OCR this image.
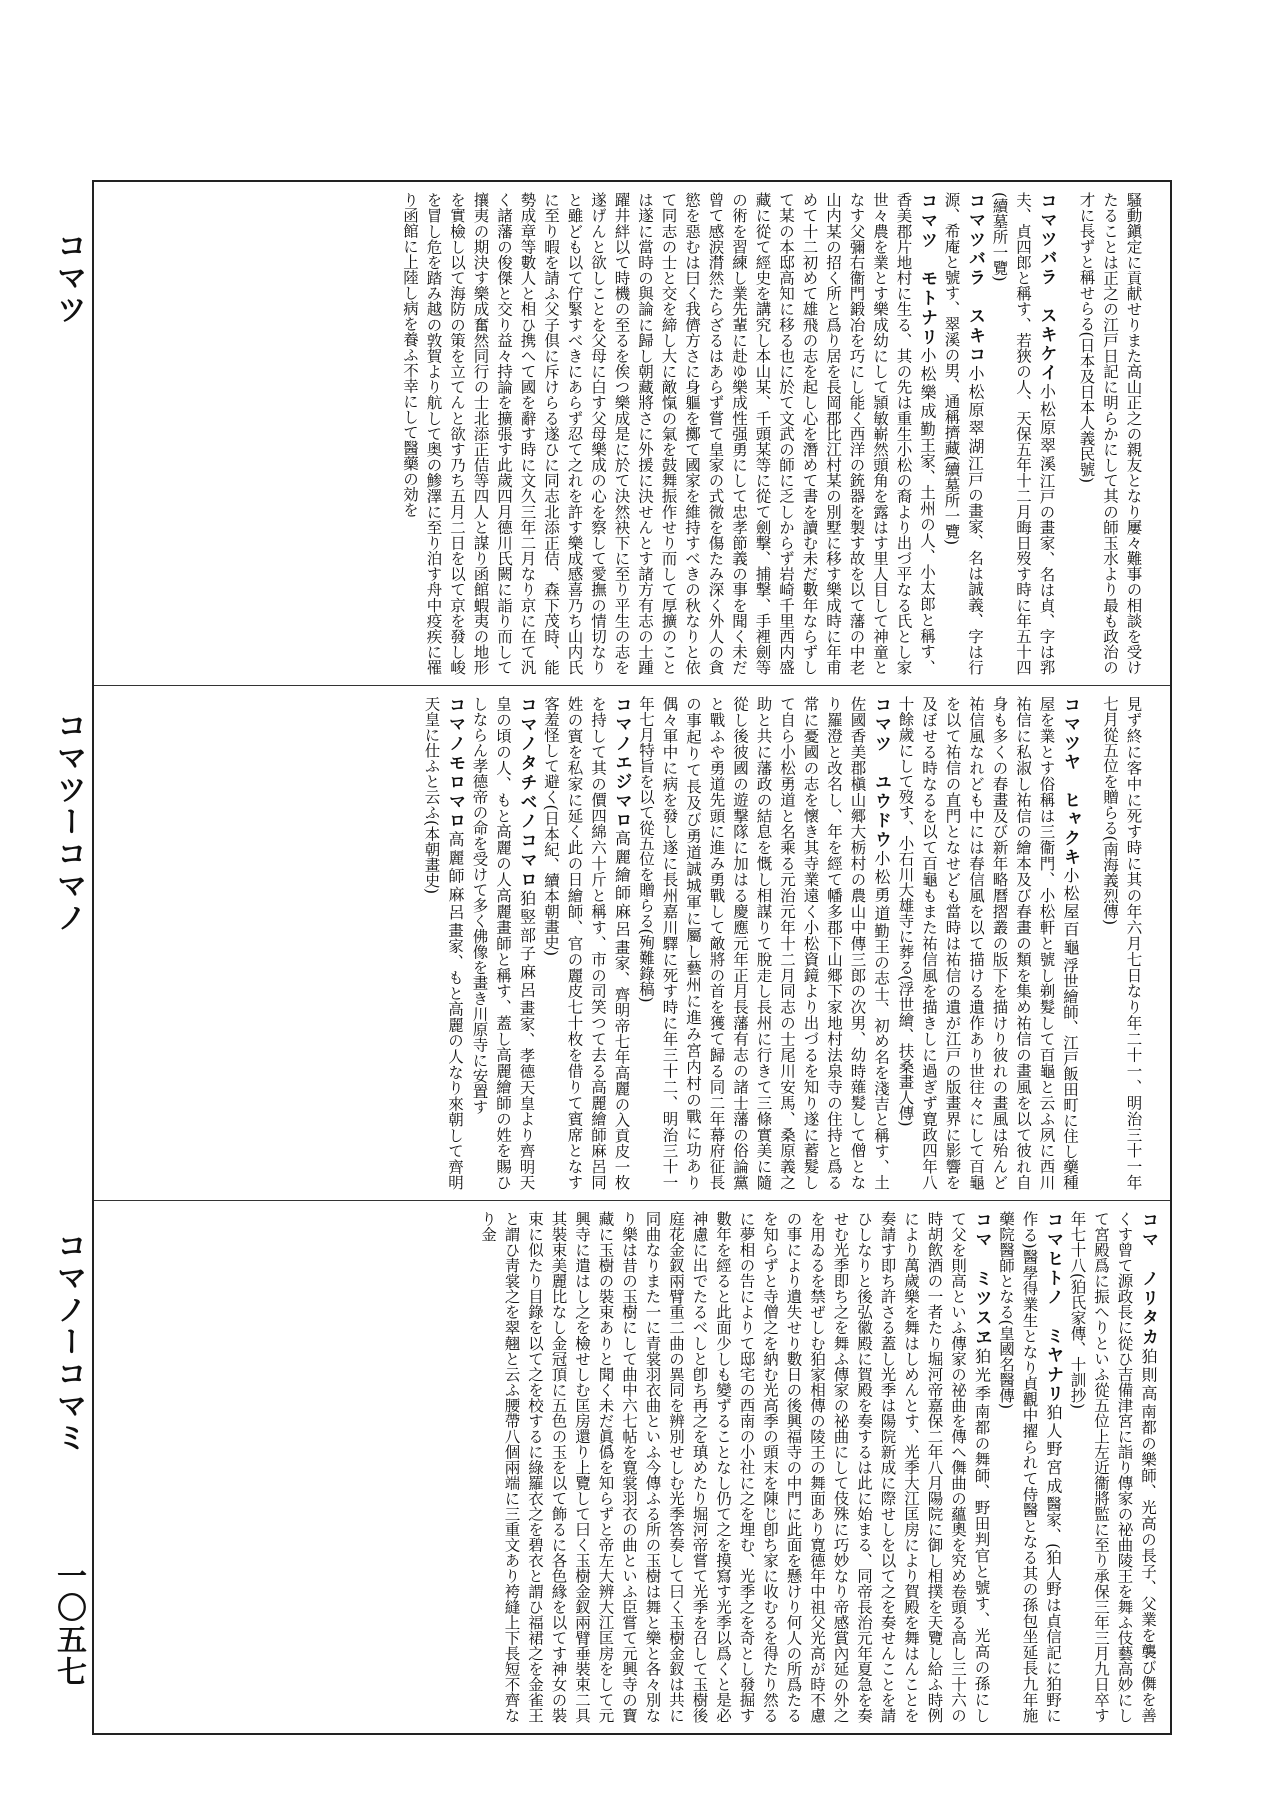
コマツ
コマツーコマノ
コマノーコマミ
一〇五七

騷動鎭定に貢献せりまた高山正之の親友となり屢々難事の相談を受けたることは正之の江戸日記に明らかにして其の師玉水より最も政治の才に長ずと稱せらる(日本及日本人義民號)

コマツバラ　スキケイ小松原翠溪江戸の畫家、名は貞、字は郛夫、貞四郎と稱す、若狹の人、天保五年十二月晦日歿す時に年五十四(續墓所一覽)
コマツバラ　スキコ小松原翠湖江戸の畫家、名は誠義、字は行源、希庵と號す、翠溪の男、通稱擠藏(續墓所一覽)
コマツ　モトナリ小松樂成勤王家、土州の人、小太郎と稱す、香美郡片地村に生る、其の先は重生小松の裔より出づ平なる氏とし家世々農を業とす樂成幼にして頴敏嶄然頭角を露はす里人目して神童となす父彌右衞門鍛冶を巧にし能く西洋の銃器を製す故を以て藩の中老山内某の招く所と爲り居を長岡郡比江村某の別墅に移す樂成時に年甫めて十二初めて雄飛の志を起し心を潛めて書を讀む未だ數年ならずして某の本邸高知に移る也に於て文武の師に乏しからず岩崎千里西内盛藏に從て經史を講究し本山某、千頭某等に從て劍撃、捕撃、手裡劍等の術を習練し業先輩に赴ゆ樂成性强勇にして忠孝節義の事を聞く未だ曾て感涙潸然たらざるはあらず嘗て皇家の式微を傷たみ深く外人の貪慾を惡むは曰く我儕方さに身軀を擲て國家を維持すべきの秋なりと依て同志の士と交を締し大に敵愾の氣を鼓舞振作せり而して厚擴のことは遂に當時の與論に歸し朝藏將さに外援に決せんとす諸方有志の士踵躍井絆以て時機の至るを俟つ樂成是に於て決然袂下に至り平生の志を遂げんと欲しことを父母に白す父母樂成の心を察して愛撫の情切なりと雖ども以て佇緊すべきにあらず忍て之れを許す樂成感喜乃ち山内氏に至り暇を請ふ父子倶に斥けらる遂ひに同志北添正佶、森下茂時、能勢成章等數人と相ひ携へて國を辭す時に文久三年二月なり京に在て汎く諸藩の俊傑と交り益々持論を擴張す此歲四月德川氏闕に詣り而して攘夷の期決す樂成奮然同行の士北添正佶等四人と謀り函館蝦夷の地形を實檢し以て海防の策を立てんと欲す乃ち五月二日を以て京を發し峻を冒し危を踏み越の敦賀より航して奥の鯵澤に至り泊す舟中疫疾に罹り函館に上陸し病を養ふ不幸にして醫藥の効を

見ず終に客中に死す時に其の年六月七日なり年二十一、明治三十一年七月從五位を贈らる(南海義烈傳)

コマツヤ　ヒャクキ小松屋百龜浮世繪師、江戸飯田町に住し藥種屋を業とす俗稱は三衞門、小松軒と號し剃髮して百龜と云ふ夙に西川祐信に私淑し祐信の繪本及び春畫の類を集め祐信の畫風を以て彼れ自身も多くの春畫及び新年略曆摺叢の版下を描けり彼れの畫風は殆んど祐信風なれども中には春信風を以て描ける遺作あり世往々にして百龜を以て祐信の直門となせども當時は祐信の遺が江戸の版畫界に影響を及ぼせる時なるを以て百龜もまた祐信風を描きしに過ぎず寛政四年八十餘歲にして歿す、小石川大雄寺に葬る(浮世繪、扶桑畫人傳)
コマツ　ユウドウ小松勇道勤王の志士、初め名を淺吉と稱す、土佐國香美郡槇山郷大栃村の農山中傳三郎の次男、幼時薙髮して僧となり羅澄と改名し、年を經て幡多郡下山郷下家地村法泉寺の住持と爲る常に憂國の志を懷き其寺業遠く小松資鏡より出づるを知り遂に蓄髮して自ら小松勇道と名乘る元治元年十二月同志の士尾川安馬、桑原義之助と共に藩政の結息を慨し相謀りて脫走し長州に行きて三條實美に隨從し後彼國の遊撃隊に加はる慶應元年正月長藩有志の諸士藩の俗論黨と戰ふや勇道先頭に進み勇戰して敵將の首を獲て歸る同二年幕府征長の事起りて長及び勇道誠城軍に屬し藝州に進み宮内村の戰に功あり偶々軍中に病を發し遂に長州嘉川驛に死す時に年三十二、明治三十一年七月特旨を以て從五位を贈らる(殉難錄稿)
コマノエジマロ高麗繪師麻呂畫家、齊明帝七年高麗の入貢皮一枚を持して其の價四綿六十斤と稱す、市の司笑つて去る高麗繪師麻呂同姓の賓を私家に延く此の日繪師、官の麗皮七十枚を借りて賓席となす客羞怪して避く(日本紀、續本朝畫史)
コマノタチベノコマロ狛竪部子麻呂畫家、孝德天皇より齊明天皇の頃の人、もと高麗の人高麗畫師と稱す、蓋し高麗繪師の姓を賜ひしならん孝德帝の命を受けて多く佛像を畫き川原寺に安置す
コマノモロマロ高麗師麻呂畫家、もと高麗の人なり來朝して齊明天皇に仕ふと云ふ(本朝畫史)
コマ　ノリタカ狛則高南都の樂師、光高の長子、父業を襲び儛を善くす曾て源政長に從ひ吉備津宮に詣り傳家の祕曲陵王を舞ふ伎藝高妙にして宮殿爲に振へりといふ從五位上左近衞將監に至り承保三年三月九日卒す年七十八(狛氏家傳、十訓抄)
コマヒトノ　ミヤナリ狛人野宮成醫家、(狛人野は貞信記に狛野に作る)醫學得業生となり貞觀中擢られて侍醫となる其の孫包坐延長九年施藥院醫師となる(皇國名醫傳)
コマ　ミツスヱ狛光季南都の舞師、野田判官と號す、光高の孫にして父を則高といふ傳家の祕曲を傳へ儛曲の蘊奧を究め卷頭る高し三十六の時胡飲酒の一者たり堀河帝嘉保二年八月陽院に御し相撲を天覽し給ふ時例により萬歲樂を舞はしめんとす、光季大江匡房により賀殿を舞はんことを奏請す即ち許さる蓋し光季は陽院新成に際せしを以て之を奏せんことを請ひしなりと後弘徽殿に賀殿を奏するは此に始まる、同帝長治元年夏急を奏せむ光季即ち之を舞ふ傳家の祕曲にして伎殊に巧妙なり帝感賞內延の外之を用ゐるを禁ぜしむ狛家相傳の陵王の舞面あり寛德年中祖父光高が時不慮の事により遺失せり數日の後興福寺の中門に此面を懸けり何人の所爲たるを知らずと寺僧之を納む光高季の頭末を陳じ卽ち家に收むるを得たり然るに夢相の告によりて邸宅の西南の小社に之を埋む、光季之を奇とし發掘す數年を經ると此面少しも變ずることなし仍て之を摸寫す光季以爲くと是必神慮に出でたるべしと卽ち再之を瑱めたり堀河帝嘗て光季を召して玉樹後庭花金釵兩臂重二曲の異同を辨別せしむ光季答奏して曰く玉樹金釵は共に同曲なりまた一に青裳羽衣曲といふ今傳ふる所の玉樹は舞と樂と各々別なり樂は昔の玉樹にして曲中六七帖を寛裳羽衣の曲といふ臣嘗て元興寺の寶藏に玉樹の裝束ありと聞く未だ眞僞を知らずと帝左大辨大江匡房をして元興寺に遣はし之を檢せしむ匡房還り上覽して曰く玉樹金釵兩臂垂裝束二具其裝束美麗比なし金冠頂に五色の玉を以て飾るに各色緣を以てす神女の裝束に似たり目錄を以て之を校するに綠羅衣之を碧衣と謂ひ福裙之を金雀王と謂ひ靑裳之を翠翹と云ふ腰帶八個兩端に三重文あり袴縫上下長短不齊なり金
